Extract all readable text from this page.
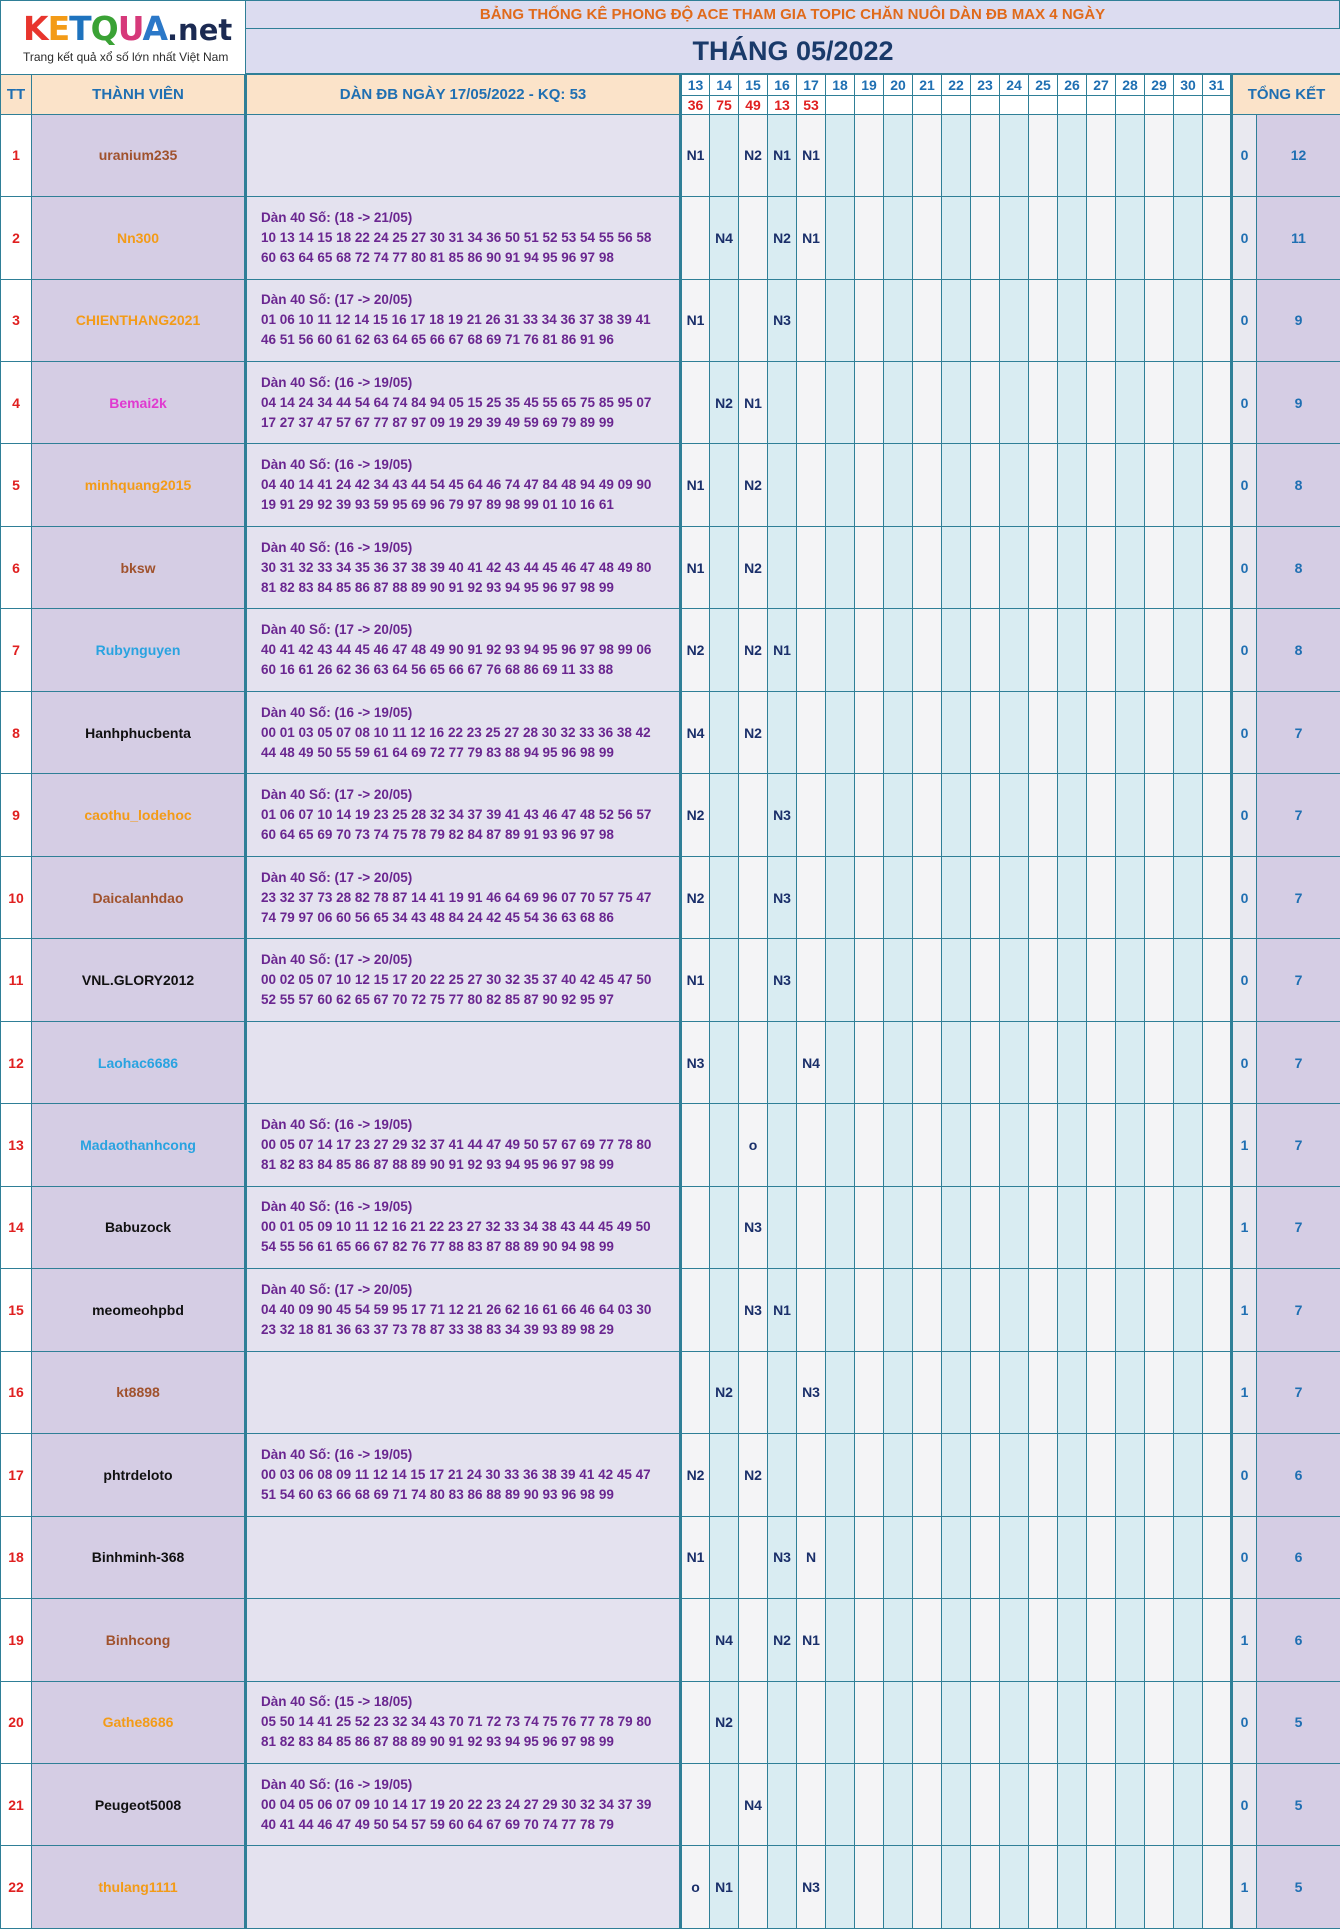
KETQUA.net
Trang kết quả xổ số lớn nhất Việt Nam		BẢNG THỐNG KÊ PHONG ĐỘ ACE THAM GIA TOPIC CHĂN NUÔI DÀN ĐB MAX 4 NGÀY																					
		THÁNG 05/2022																					

TT	THÀNH VIÊN	DÀN ĐB NGÀY 17/05/2022 - KQ: 53	13	14	15	16	17	18	19	20	21	22	23	24	25	26	27	28	29	30	31	TỔNG KẾT	
			36	75	49	13	53																
1	uranium235		N1		N2	N1	N1															0	12
2	Nn300	Dàn 40 Số: (18 -> 21/05)
10 13 14 15 18 22 24 25 27 30 31 34 36 50 51 52 53 54 55 56 58
60 63 64 65 68 72 74 77 80 81 85 86 90 91 94 95 96 97 98		N4		N2	N1															0	11
3	CHIENTHANG2021	Dàn 40 Số: (17 -> 20/05)
01 06 10 11 12 14 15 16 17 18 19 21 26 31 33 34 36 37 38 39 41
46 51 56 60 61 62 63 64 65 66 67 68 69 71 76 81 86 91 96	N1			N3																0	9
4	Bemai2k	Dàn 40 Số: (16 -> 19/05)
04 14 24 34 44 54 64 74 84 94 05 15 25 35 45 55 65 75 85 95 07
17 27 37 47 57 67 77 87 97 09 19 29 39 49 59 69 79 89 99		N2	N1																	0	9
5	minhquang2015	Dàn 40 Số: (16 -> 19/05)
04 40 14 41 24 42 34 43 44 54 45 64 46 74 47 84 48 94 49 09 90
19 91 29 92 39 93 59 95 69 96 79 97 89 98 99 01 10 16 61	N1		N2																	0	8
6	bksw	Dàn 40 Số: (16 -> 19/05)
30 31 32 33 34 35 36 37 38 39 40 41 42 43 44 45 46 47 48 49 80
81 82 83 84 85 86 87 88 89 90 91 92 93 94 95 96 97 98 99	N1		N2																	0	8
7	Rubynguyen	Dàn 40 Số: (17 -> 20/05)
40 41 42 43 44 45 46 47 48 49 90 91 92 93 94 95 96 97 98 99 06
60 16 61 26 62 36 63 64 56 65 66 67 76 68 86 69 11 33 88	N2		N2	N1																0	8
8	Hanhphucbenta	Dàn 40 Số: (16 -> 19/05)
00 01 03 05 07 08 10 11 12 16 22 23 25 27 28 30 32 33 36 38 42
44 48 49 50 55 59 61 64 69 72 77 79 83 88 94 95 96 98 99	N4		N2																	0	7
9	caothu_lodehoc	Dàn 40 Số: (17 -> 20/05)
01 06 07 10 14 19 23 25 28 32 34 37 39 41 43 46 47 48 52 56 57
60 64 65 69 70 73 74 75 78 79 82 84 87 89 91 93 96 97 98	N2			N3																0	7
10	Daicalanhdao	Dàn 40 Số: (17 -> 20/05)
23 32 37 73 28 82 78 87 14 41 19 91 46 64 69 96 07 70 57 75 47
74 79 97 06 60 56 65 34 43 48 84 24 42 45 54 36 63 68 86	N2			N3																0	7
11	VNL.GLORY2012	Dàn 40 Số: (17 -> 20/05)
00 02 05 07 10 12 15 17 20 22 25 27 30 32 35 37 40 42 45 47 50
52 55 57 60 62 65 67 70 72 75 77 80 82 85 87 90 92 95 97	N1			N3																0	7
12	Laohac6686		N3				N4															0	7
13	Madaothanhcong	Dàn 40 Số: (16 -> 19/05)
00 05 07 14 17 23 27 29 32 37 41 44 47 49 50 57 67 69 77 78 80
81 82 83 84 85 86 87 88 89 90 91 92 93 94 95 96 97 98 99			o																	1	7
14	Babuzock	Dàn 40 Số: (16 -> 19/05)
00 01 05 09 10 11 12 16 21 22 23 27 32 33 34 38 43 44 45 49 50
54 55 56 61 65 66 67 82 76 77 88 83 87 88 89 90 94 98 99			N3																	1	7
15	meomeohpbd	Dàn 40 Số: (17 -> 20/05)
04 40 09 90 45 54 59 95 17 71 12 21 26 62 16 61 66 46 64 03 30
23 32 18 81 36 63 37 73 78 87 33 38 83 34 39 93 89 98 29			N3	N1																1	7
16	kt8898			N2			N3															1	7
17	phtrdeloto	Dàn 40 Số: (16 -> 19/05)
00 03 06 08 09 11 12 14 15 17 21 24 30 33 36 38 39 41 42 45 47
51 54 60 63 66 68 69 71 74 80 83 86 88 89 90 93 96 98 99	N2		N2																	0	6
18	Binhminh-368		N1			N3	N															0	6
19	Binhcong			N4		N2	N1															1	6
20	Gathe8686	Dàn 40 Số: (15 -> 18/05)
05 50 14 41 25 52 23 32 34 43 70 71 72 73 74 75 76 77 78 79 80
81 82 83 84 85 86 87 88 89 90 91 92 93 94 95 96 97 98 99		N2																		0	5
21	Peugeot5008	Dàn 40 Số: (16 -> 19/05)
00 04 05 06 07 09 10 14 17 19 20 22 23 24 27 29 30 32 34 37 39
40 41 44 46 47 49 50 54 57 59 60 64 67 69 70 74 77 78 79			N4																	0	5
22	thulang1111		o	N1			N3															1	5
